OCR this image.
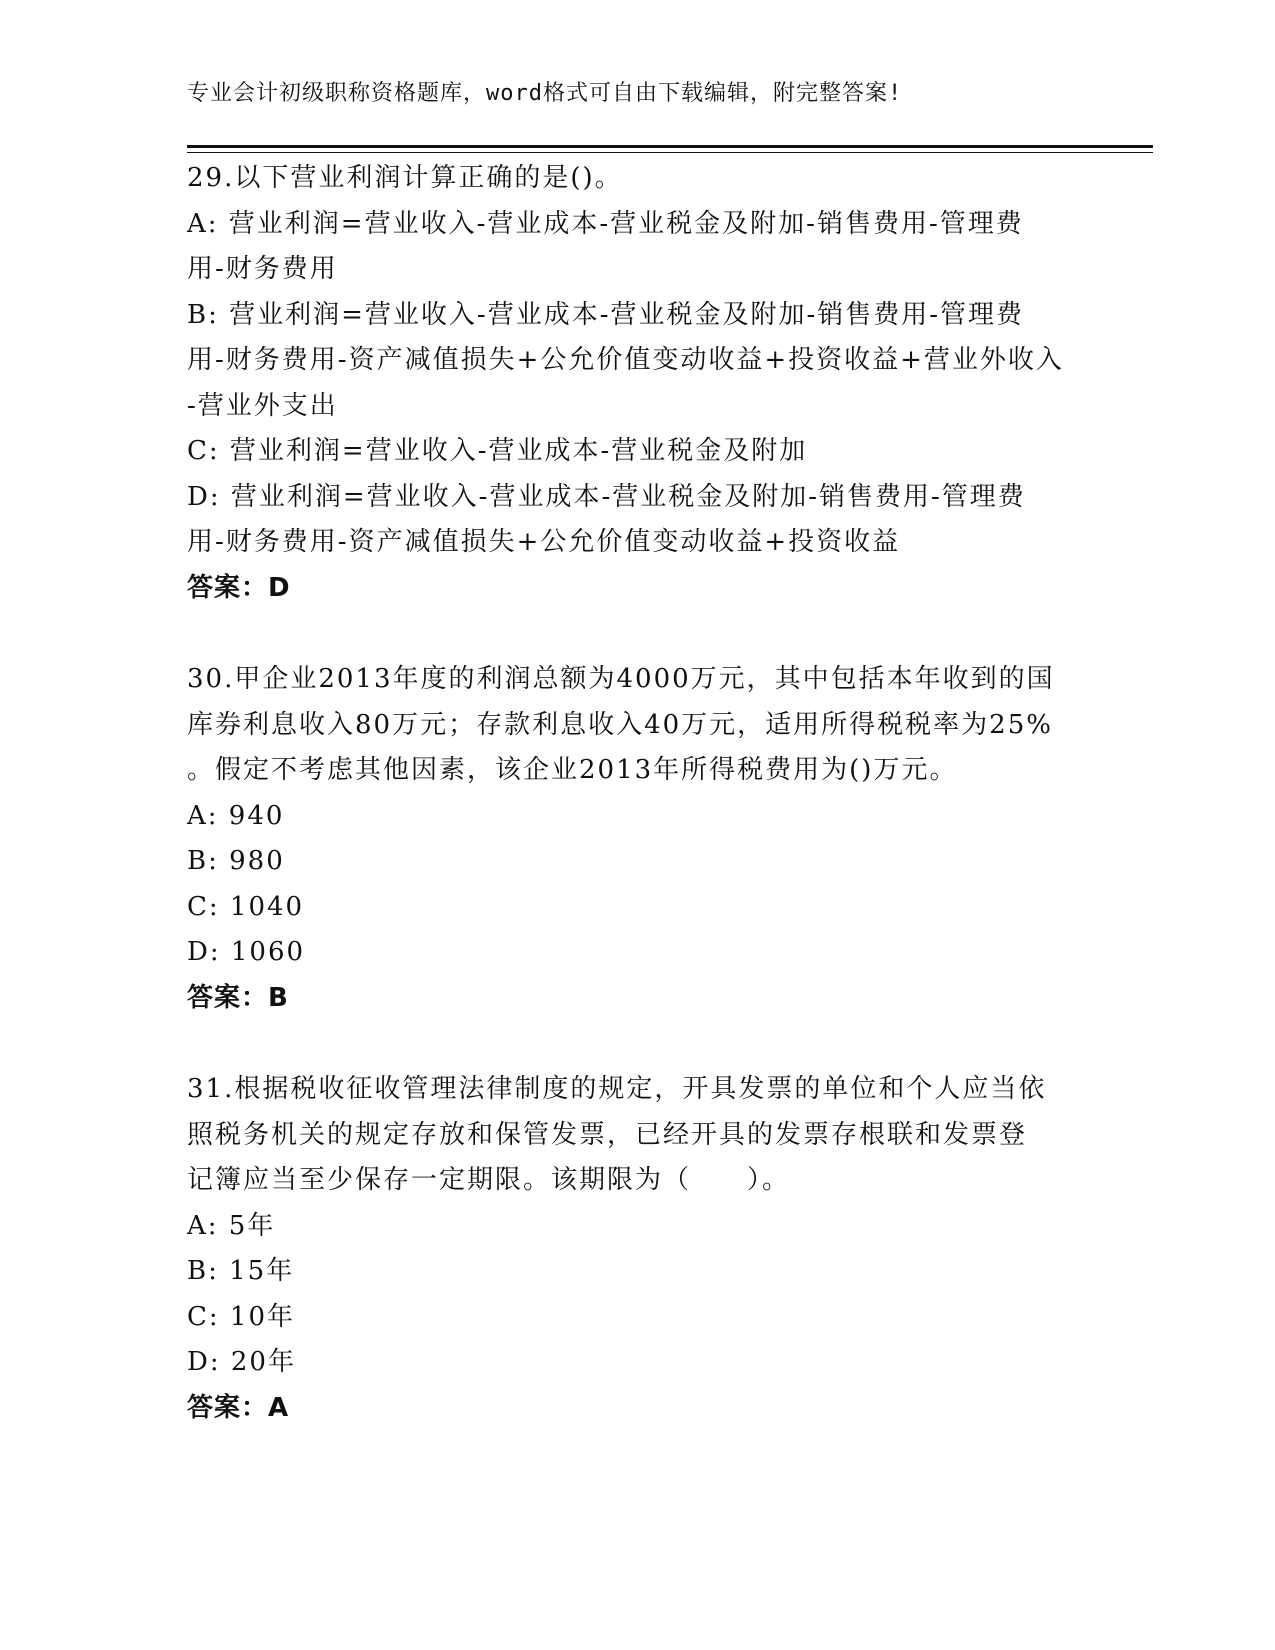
专业会计初级职称资格题库，word格式可自由下载编辑，附完整答案!
29.以下营业利润计算正确的是()。
A: 营业利润=营业收入-营业成本-营业税金及附加-销售费用-管理费
用-财务费用
B: 营业利润=营业收入-营业成本-营业税金及附加-销售费用-管理费
用-财务费用-资产减值损失+公允价值变动收益+投资收益+营业外收入
-营业外支出
C: 营业利润=营业收入-营业成本-营业税金及附加
D: 营业利润=营业收入-营业成本-营业税金及附加-销售费用-管理费
用-财务费用-资产减值损失+公允价值变动收益+投资收益
答案：D
30.甲企业2013年度的利润总额为4000万元，其中包括本年收到的国
库券利息收入80万元；存款利息收入40万元，适用所得税税率为25%
。假定不考虑其他因素，该企业2013年所得税费用为()万元。
A: 940
B: 980
C: 1040
D: 1060
答案：B
31.根据税收征收管理法律制度的规定，开具发票的单位和个人应当依
照税务机关的规定存放和保管发票，已经开具的发票存根联和发票登
记簿应当至少保存一定期限。该期限为（　　）。
A: 5年
B: 15年
C: 10年
D: 20年
答案：A
